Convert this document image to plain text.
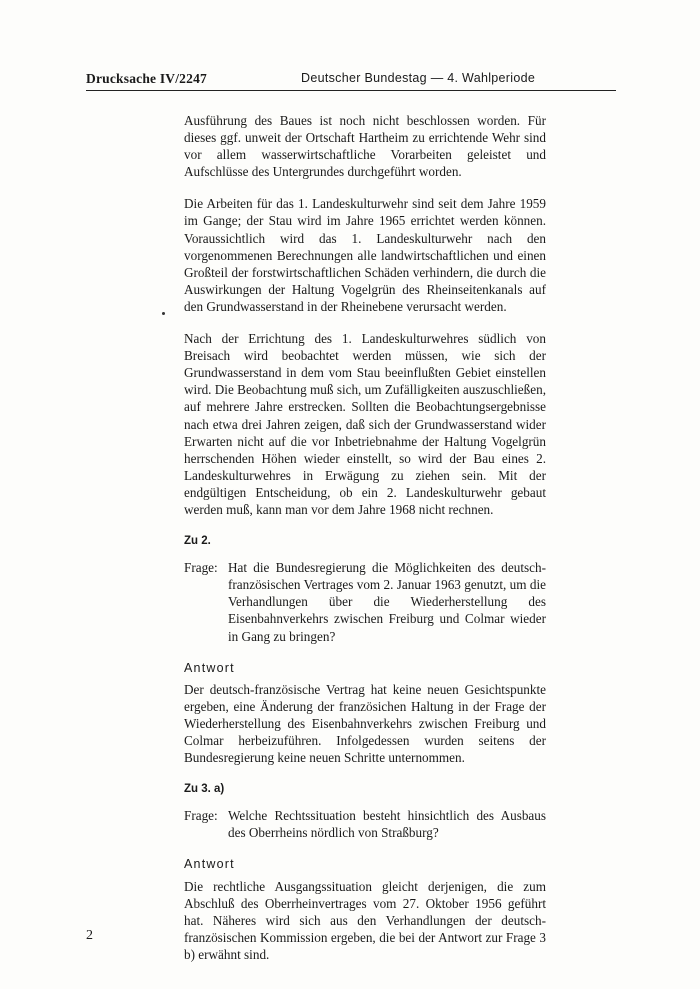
Drucksache IV/2247	Deutscher Bundestag — 4. Wahlperiode

Ausführung des Baues ist noch nicht beschlossen worden. Für dieses ggf. unweit der Ortschaft Hartheim zu errichtende Wehr sind vor allem wasserwirtschaftliche Vorarbeiten geleistet und Aufschlüsse des Untergrundes durchgeführt worden.

Die Arbeiten für das 1. Landeskulturwehr sind seit dem Jahre 1959 im Gange; der Stau wird im Jahre 1965 errichtet werden können. Voraussichtlich wird das 1. Landeskulturwehr nach den vorgenommenen Berechnungen alle landwirtschaftlichen und einen Großteil der forstwirtschaftlichen Schäden verhindern, die durch die Auswirkungen der Haltung Vogelgrün des Rheinseitenkanals auf den Grundwasserstand in der Rheinebene verursacht werden.

Nach der Errichtung des 1. Landeskulturwehres südlich von Breisach wird beobachtet werden müssen, wie sich der Grundwasserstand in dem vom Stau beeinflußten Gebiet einstellen wird. Die Beobachtung muß sich, um Zufälligkeiten auszuschließen, auf mehrere Jahre erstrecken. Sollten die Beobachtungsergebnisse nach etwa drei Jahren zeigen, daß sich der Grundwasserstand wider Erwarten nicht auf die vor Inbetriebnahme der Haltung Vogelgrün herrschenden Höhen wieder einstellt, so wird der Bau eines 2. Landeskulturwehres in Erwägung zu ziehen sein. Mit der endgültigen Entscheidung, ob ein 2. Landeskulturwehr gebaut werden muß, kann man vor dem Jahre 1968 nicht rechnen.

Zu 2.
Frage: Hat die Bundesregierung die Möglichkeiten des deutsch-französischen Vertrages vom 2. Januar 1963 genutzt, um die Verhandlungen über die Wiederherstellung des Eisenbahnverkehrs zwischen Freiburg und Colmar wieder in Gang zu bringen?
Antwort

Der deutsch-französische Vertrag hat keine neuen Gesichtspunkte ergeben, eine Änderung der französichen Haltung in der Frage der Wiederherstellung des Eisenbahnverkehrs zwischen Freiburg und Colmar herbeizuführen. Infolgedessen wurden seitens der Bundesregierung keine neuen Schritte unternommen.

Zu 3. a)
Frage: Welche Rechtssituation besteht hinsichtlich des Ausbaus des Oberrheins nördlich von Straßburg?
Antwort

Die rechtliche Ausgangssituation gleicht derjenigen, die zum Abschluß des Oberrheinvertrages vom 27. Oktober 1956 geführt hat. Näheres wird sich aus den Verhandlungen der deutsch-französischen Kommission ergeben, die bei der Antwort zur Frage 3 b) erwähnt sind.

2
